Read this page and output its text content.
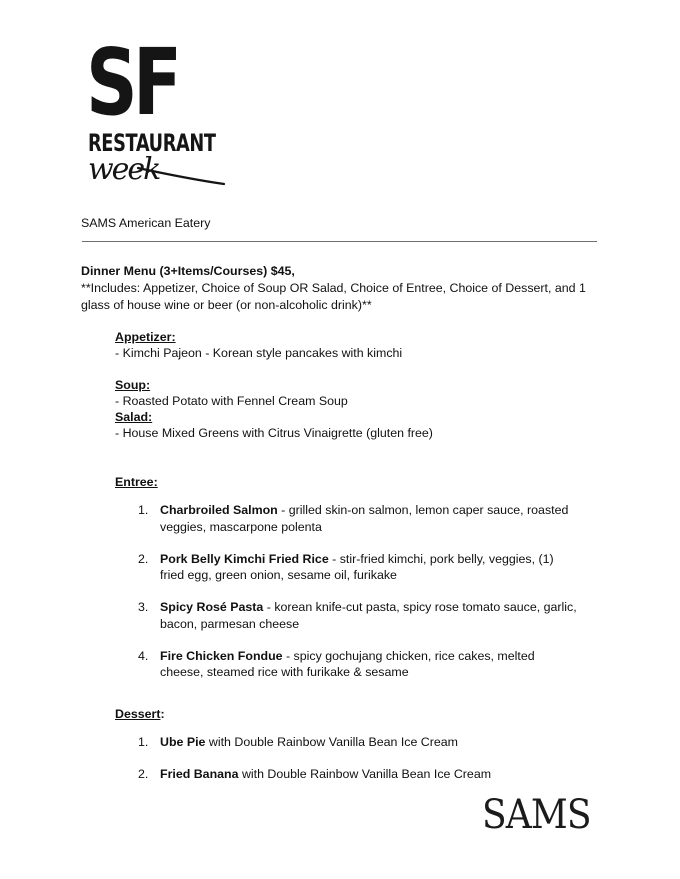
SF
RESTAURANT
week
SAMS American Eatery
Dinner Menu (3+Items/Courses) $45,
**Includes: Appetizer, Choice of Soup OR Salad, Choice of Entree, Choice of Dessert, and 1 glass of house wine or beer (or non-alcoholic drink)**
Appetizer:
- Kimchi Pajeon - Korean style pancakes with kimchi
Soup:
- Roasted Potato with Fennel Cream Soup
Salad:
- House Mixed Greens with Citrus Vinaigrette (gluten free)
Entree:
1. Charbroiled Salmon - grilled skin-on salmon, lemon caper sauce, roasted veggies, mascarpone polenta
2. Pork Belly Kimchi Fried Rice - stir-fried kimchi, pork belly, veggies, (1) fried egg, green onion, sesame oil, furikake
3. Spicy Rosé Pasta - korean knife-cut pasta, spicy rose tomato sauce, garlic, bacon, parmesan cheese
4. Fire Chicken Fondue - spicy gochujang chicken, rice cakes, melted cheese, steamed rice with furikake & sesame
Dessert:
1. Ube Pie with Double Rainbow Vanilla Bean Ice Cream
2. Fried Banana with Double Rainbow Vanilla Bean Ice Cream
SAMS
